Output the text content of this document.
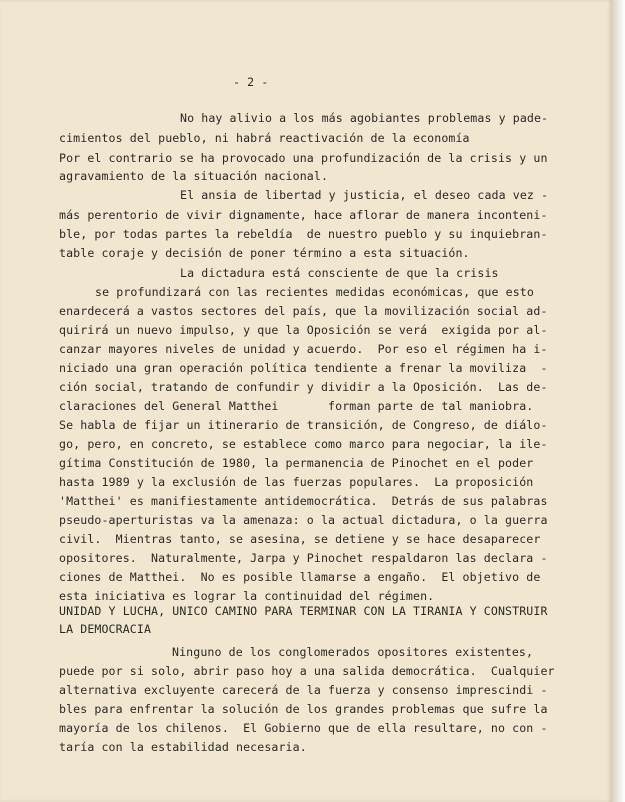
- 2 -
No hay alivio a los más agobiantes problemas y pade-
cimientos del pueblo, ni habrá reactivación de la economía
Por el contrario se ha provocado una profundización de la crisis y un
agravamiento de la situación nacional.
El ansia de libertad y justicia, el deseo cada vez -
más perentorio de vivir dignamente, hace aflorar de manera inconteni-
ble, por todas partes la rebeldía  de nuestro pueblo y su inquiebran-
table coraje y decisión de poner término a esta situación.
La dictadura está consciente de que la crisis
se profundizará con las recientes medidas económicas, que esto
enardecerá a vastos sectores del país, que la movilización social ad-
quirirá un nuevo impulso, y que la Oposición se verá  exigida por al-
canzar mayores niveles de unidad y acuerdo.  Por eso el régimen ha i-
niciado una gran operación política tendiente a frenar la moviliza  -
ción social, tratando de confundir y dividir a la Oposición.  Las de-
claraciones del General Matthei       forman parte de tal maniobra.
Se habla de fijar un itinerario de transición, de Congreso, de diálo-
go, pero, en concreto, se establece como marco para negociar, la ile-
gítima Constitución de 1980, la permanencia de Pinochet en el poder
hasta 1989 y la exclusión de las fuerzas populares.  La proposición
'Matthei' es manifiestamente antidemocrática.  Detrás de sus palabras
pseudo-aperturistas va la amenaza: o la actual dictadura, o la guerra
civil.  Mientras tanto, se asesina, se detiene y se hace desaparecer
opositores.  Naturalmente, Jarpa y Pinochet respaldaron las declara -
ciones de Matthei.  No es posible llamarse a engaño.  El objetivo de
esta iniciativa es lograr la continuidad del régimen.
UNIDAD Y LUCHA, UNICO CAMINO PARA TERMINAR CON LA TIRANIA Y CONSTRUIR
LA DEMOCRACIA
Ninguno de los conglomerados opositores existentes,
puede por si solo, abrir paso hoy a una salida democrática.  Cualquier
alternativa excluyente carecerá de la fuerza y consenso imprescindi -
bles para enfrentar la solución de los grandes problemas que sufre la
mayoría de los chilenos.  El Gobierno que de ella resultare, no con -
taría con la estabilidad necesaria.
